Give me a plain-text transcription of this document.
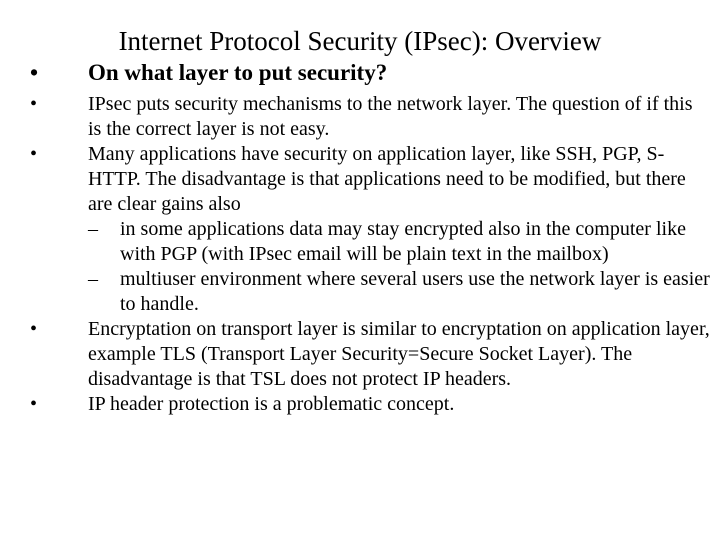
Internet Protocol Security (IPsec): Overview
• On what layer to put security?
IPsec puts security mechanisms to the network layer. The question of if this is the correct layer is not easy.
Many applications have security on application layer, like SSH, PGP, S-HTTP. The disadvantage is that applications need to be modified, but there are clear gains also
– in some applications data may stay encrypted also in the computer like with PGP (with IPsec email will be plain text in the mailbox)
– multiuser environment where several users use the network layer is easier to handle.
Encryptation on transport layer is similar to encryptation on application layer, example TLS (Transport Layer Security=Secure Socket Layer). The disadvantage is that TSL does not protect IP headers.
IP header protection is a problematic concept.
